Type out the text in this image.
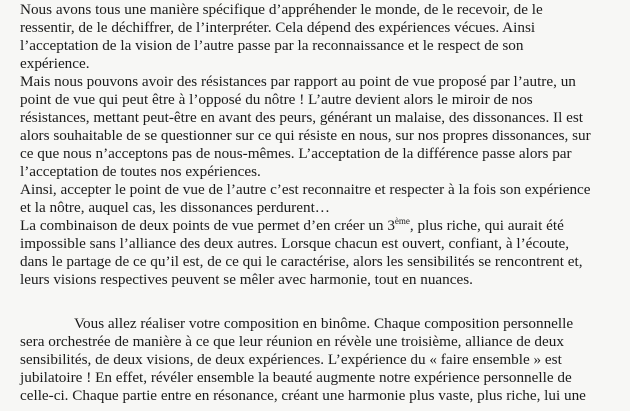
Nous avons tous une manière spécifique d’appréhender le monde, de le recevoir, de le
ressentir, de le déchiffrer, de l’interpréter. Cela dépend des expériences vécues. Ainsi
l’acceptation de la vision de l’autre passe par la reconnaissance et le respect de son
expérience.
Mais nous pouvons avoir des résistances par rapport au point de vue proposé par l’autre, un
point de vue qui peut être à l’opposé du nôtre ! L’autre devient alors le miroir de nos
résistances, mettant peut-être en avant des peurs, générant un malaise, des dissonances. Il est
alors souhaitable de se questionner sur ce qui résiste en nous, sur nos propres dissonances, sur
ce que nous n’acceptons pas de nous-mêmes. L’acceptation de la différence passe alors par
l’acceptation de toutes nos expériences.
Ainsi, accepter le point de vue de l’autre c’est reconnaitre et respecter à la fois son expérience
et la nôtre, auquel cas, les dissonances perdurent…
La combinaison de deux points de vue permet d’en créer un 3ème, plus riche, qui aurait été
impossible sans l’alliance des deux autres. Lorsque chacun est ouvert, confiant, à l’écoute,
dans le partage de ce qu’il est, de ce qui le caractérise, alors les sensibilités se rencontrent et,
leurs visions respectives peuvent se mêler avec harmonie, tout en nuances.
Vous allez réaliser votre composition en binôme. Chaque composition personnelle
sera orchestrée de manière à ce que leur réunion en révèle une troisième, alliance de deux
sensibilités, de deux visions, de deux expériences. L’expérience du « faire ensemble » est
jubilatoire ! En effet, révéler ensemble la beauté augmente notre expérience personnelle de
celle-ci. Chaque partie entre en résonance, créant une harmonie plus vaste, plus riche, lui une
